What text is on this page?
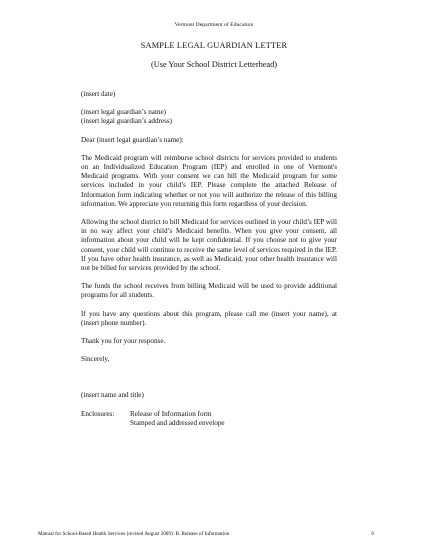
Vermont Department of Education
SAMPLE LEGAL GUARDIAN LETTER
(Use Your School District Letterhead)

(insert date)

(insert legal guardian’s name)

(insert legal guardian’s address)

Dear (insert legal guardian’s name):

The Medicaid program will reimburse school districts for services provided to students on an Individualized Education Program (IEP) and enrolled in one of Vermont's Medicaid programs. With your consent we can bill the Medicaid program for some services included in your child’s IEP. Please complete the attached Release of Information form indicating whether or not you will authorize the release of this billing information. We appreciate you returning this form regardless of your decision.

Allowing the school district to bill Medicaid for services outlined in your child’s IEP will in no way affect your child’s Medicaid benefits. When you give your consent, all information about your child will be kept confidential. If you choose not to give your consent, your child will continue to receive the same level of services required in the IEP. If you have other health insurance, as well as Medicaid, your other health insurance will not be billed for services provided by the school.

The funds the school receives from billing Medicaid will be used to provide additional programs for all students.

If you have any questions about this program, please call me (insert your name), at (insert phone number).

Thank you for your response.

Sincerely,

(insert name and title)

Enclosures:	Release of Information form
Stamped and addressed envelope
Manual for School-Based Health Services (revised August 2009): B. Release of Information	6
